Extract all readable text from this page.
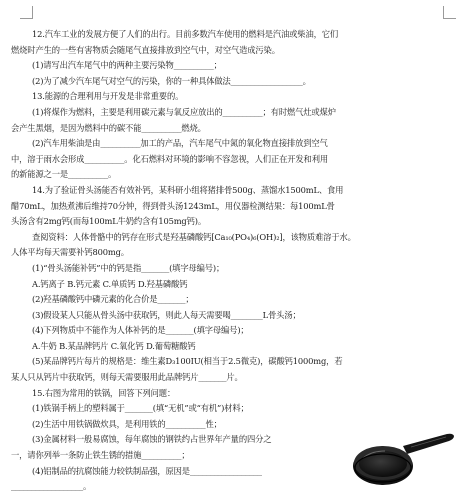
12.汽车工业的发展方便了人们的出行。目前多数汽车使用的燃料是汽油或柴油，它们
燃烧时产生的一些有害物质会随尾气直接排放到空气中，对空气造成污染。
(1)请写出汽车尾气中的两种主要污染物__________；
(2)为了减少汽车尾气对空气的污染，你的一种具体做法__________________。
13.能源的合理利用与开发是非常重要的。
(1)将煤作为燃料，主要是利用碳元素与氧反应放出的__________；有时燃气灶或煤炉
会产生黑烟，是因为燃料中的碳不能__________燃烧。
(2)汽车用柴油是由__________加工的产品，汽车尾气中氮的氧化物直接排放到空气
中，溶于雨水会形成__________。化石燃料对环境的影响不容忽视，人们正在开发和利用
的新能源之一是__________。
14.为了验证骨头汤能否有效补钙，某科研小组将猪排骨500g、蒸馏水1500mL、食用
醋70mL，加热煮沸后维持70分钟，得到骨头汤1243mL，用仪器检测结果：每100mL骨
头汤含有2mg钙(而每100mL牛奶约含有105mg钙)。
查阅资料：人体骨骼中的钙存在形式是羟基磷酸钙[Ca₁₀(PO₄)₆(OH)₂]，该物质难溶于水。
人体平均每天需要补钙800mg。
(1)“骨头汤能补钙”中的钙是指_______(填字母编号)；
A.钙离子 B.钙元素 C.单质钙 D.羟基磷酸钙
(2)羟基磷酸钙中磷元素的化合价是_______；
(3)假设某人只能从骨头汤中获取钙，则此人每天需要喝________L骨头汤；
(4)下列物质中不能作为人体补钙的是_______(填字母编号)；
A.牛奶 B.某品牌钙片 C.氧化钙 D.葡萄糖酸钙
(5)某品牌钙片每片的规格是：维生素D₃100IU(相当于2.5微克)，碳酸钙1000mg，若
某人只从钙片中获取钙，则每天需要服用此品牌钙片_______片。
15.右图为常用的铁锅，回答下列问题：
(1)铁锅手柄上的塑料属于_______(填“无机”或“有机”)材料；
(2)生活中用铁锅做炊具，是利用铁的__________性；
(3)金属材料一般易腐蚀，每年腐蚀的钢铁约占世界年产量的四分之
一，请你列举一条防止铁生锈的措施__________；
(4)铝制品的抗腐蚀能力较铁制品强，原因是__________________
__________________。
